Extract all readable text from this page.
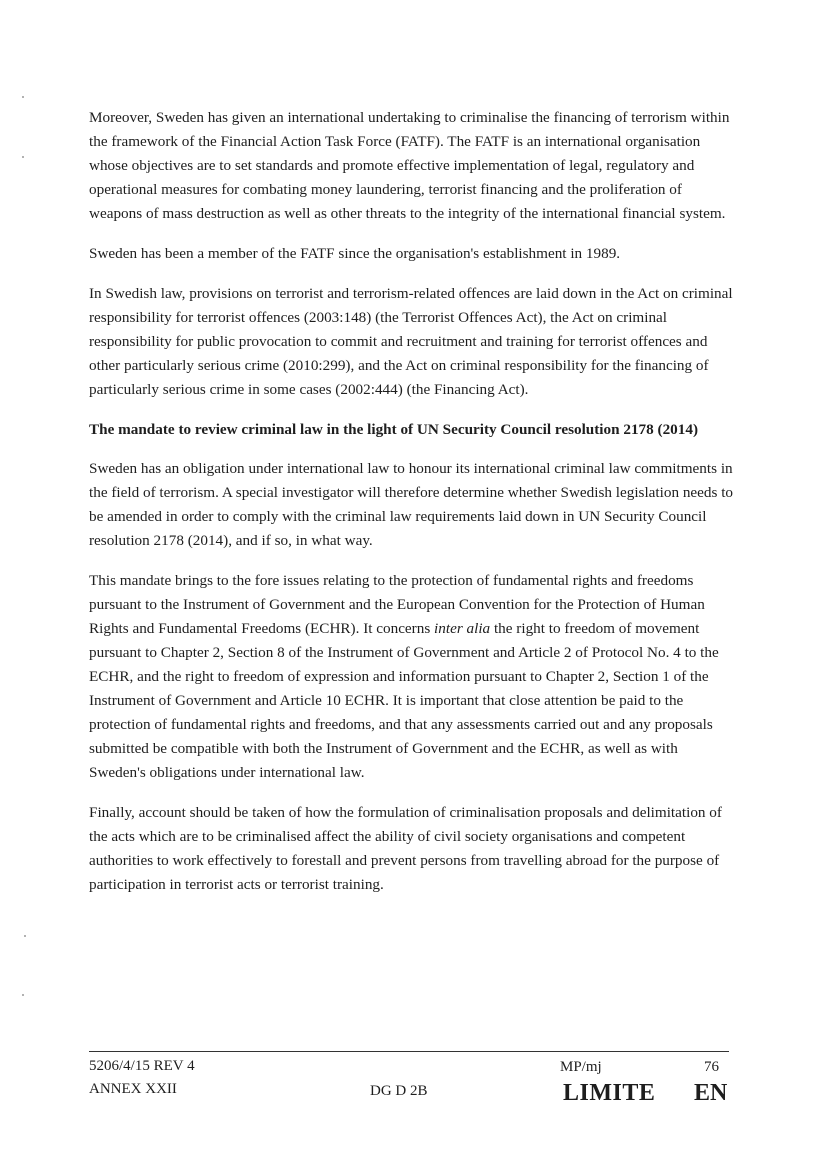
Moreover, Sweden has given an international undertaking to criminalise the financing of terrorism within the framework of the Financial Action Task Force (FATF). The FATF is an international organisation whose objectives are to set standards and promote effective implementation of legal, regulatory and operational measures for combating money laundering, terrorist financing and the proliferation of weapons of mass destruction as well as other threats to the integrity of the international financial system.

Sweden has been a member of the FATF since the organisation's establishment in 1989.

In Swedish law, provisions on terrorist and terrorism-related offences are laid down in the Act on criminal responsibility for terrorist offences (2003:148) (the Terrorist Offences Act), the Act on criminal responsibility for public provocation to commit and recruitment and training for terrorist offences and other particularly serious crime (2010:299), and the Act on criminal responsibility for the financing of particularly serious crime in some cases (2002:444) (the Financing Act).

The mandate to review criminal law in the light of UN Security Council resolution 2178 (2014)

Sweden has an obligation under international law to honour its international criminal law commitments in the field of terrorism. A special investigator will therefore determine whether Swedish legislation needs to be amended in order to comply with the criminal law requirements laid down in UN Security Council resolution 2178 (2014), and if so, in what way.

This mandate brings to the fore issues relating to the protection of fundamental rights and freedoms pursuant to the Instrument of Government and the European Convention for the Protection of Human Rights and Fundamental Freedoms (ECHR). It concerns inter alia the right to freedom of movement pursuant to Chapter 2, Section 8 of the Instrument of Government and Article 2 of Protocol No. 4 to the ECHR, and the right to freedom of expression and information pursuant to Chapter 2, Section 1 of the Instrument of Government and Article 10 ECHR. It is important that close attention be paid to the protection of fundamental rights and freedoms, and that any assessments carried out and any proposals submitted be compatible with both the Instrument of Government and the ECHR, as well as with Sweden's obligations under international law.

Finally, account should be taken of how the formulation of criminalisation proposals and delimitation of the acts which are to be criminalised affect the ability of civil society organisations and competent authorities to work effectively to forestall and prevent persons from travelling abroad for the purpose of participation in terrorist acts or terrorist training.

5206/4/15 REV 4
ANNEX XXII	DG D 2B
MP/mj	76
LIMITE EN
